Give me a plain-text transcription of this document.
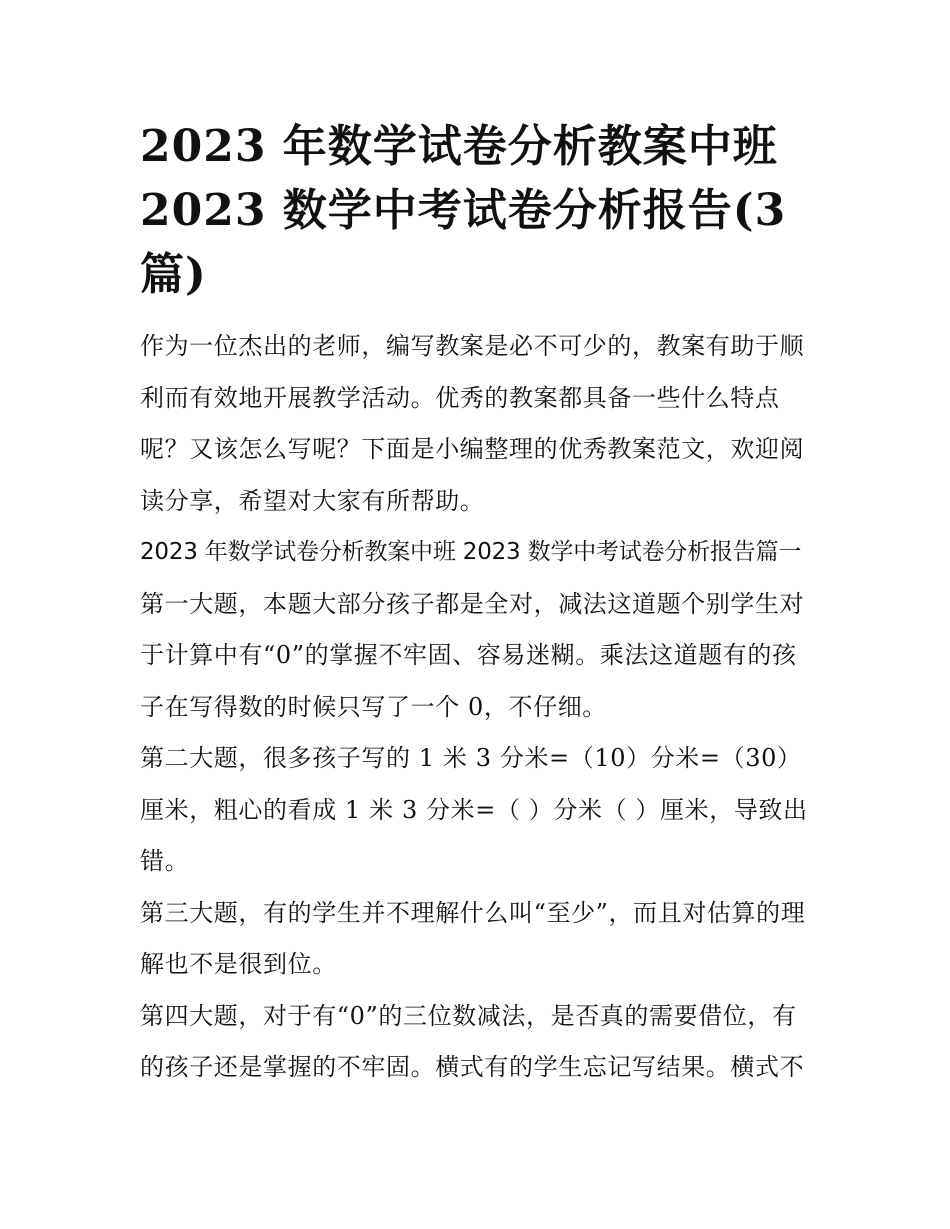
2023 年数学试卷分析教案中班 2023 数学中考试卷分析报告(3 篇)

作为一位杰出的老师，编写教案是必不可少的，教案有助于顺利而有效地开展教学活动。优秀的教案都具备一些什么特点呢？又该怎么写呢？下面是小编整理的优秀教案范文，欢迎阅读分享，希望对大家有所帮助。

2023 年数学试卷分析教案中班 2023 数学中考试卷分析报告篇一

第一大题，本题大部分孩子都是全对，减法这道题个别学生对于计算中有“0”的掌握不牢固、容易迷糊。乘法这道题有的孩子在写得数的时候只写了一个 0，不仔细。

第二大题，很多孩子写的 1 米 3 分米=（10）分米=（30）厘米，粗心的看成 1 米 3 分米=（ ）分米（ ）厘米，导致出错。

第三大题，有的学生并不理解什么叫“至少”，而且对估算的理解也不是很到位。

第四大题，对于有“0”的三位数减法，是否真的需要借位，有的孩子还是掌握的不牢固。横式有的学生忘记写结果。横式不
